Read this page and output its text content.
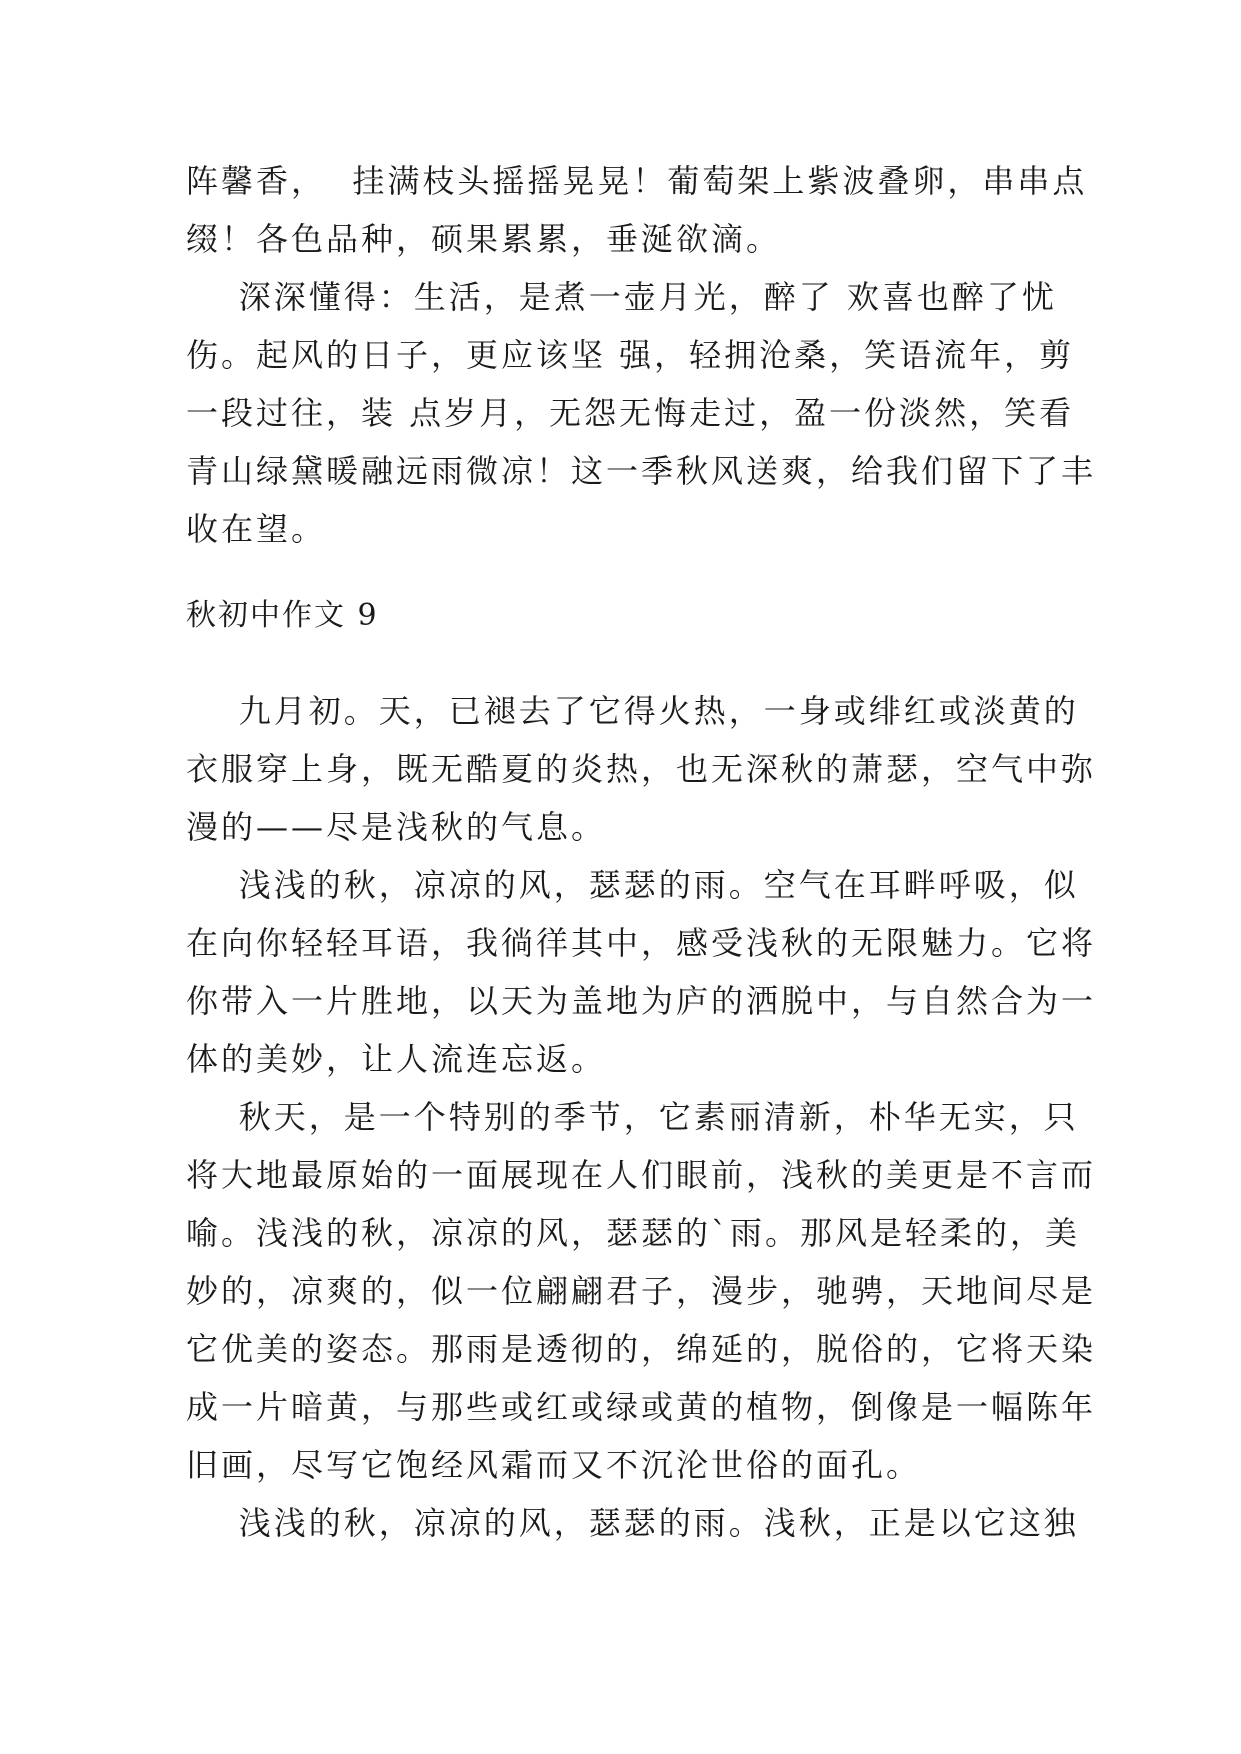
阵馨香，  挂满枝头摇摇晃晃！葡萄架上紫波叠卵，串串点
缀！各色品种，硕果累累，垂涎欲滴。
深深懂得：生活，是煮一壶月光，醉了 欢喜也醉了忧
伤。起风的日子，更应该坚 强，轻拥沧桑，笑语流年，剪
一段过往，装 点岁月，无怨无悔走过，盈一份淡然，笑看
青山绿黛暖融远雨微凉！这一季秋风送爽，给我们留下了丰
收在望。
秋初中作文 9
九月初。天，已褪去了它得火热，一身或绯红或淡黄的
衣服穿上身，既无酷夏的炎热，也无深秋的萧瑟，空气中弥
漫的——尽是浅秋的气息。
浅浅的秋，凉凉的风，瑟瑟的雨。空气在耳畔呼吸，似
在向你轻轻耳语，我徜徉其中，感受浅秋的无限魅力。它将
你带入一片胜地，以天为盖地为庐的洒脱中，与自然合为一
体的美妙，让人流连忘返。
秋天，是一个特别的季节，它素丽清新，朴华无实，只
将大地最原始的一面展现在人们眼前，浅秋的美更是不言而
喻。浅浅的秋，凉凉的风，瑟瑟的`雨。那风是轻柔的，美
妙的，凉爽的，似一位翩翩君子，漫步，驰骋，天地间尽是
它优美的姿态。那雨是透彻的，绵延的，脱俗的，它将天染
成一片暗黄，与那些或红或绿或黄的植物，倒像是一幅陈年
旧画，尽写它饱经风霜而又不沉沦世俗的面孔。
浅浅的秋，凉凉的风，瑟瑟的雨。浅秋，正是以它这独
